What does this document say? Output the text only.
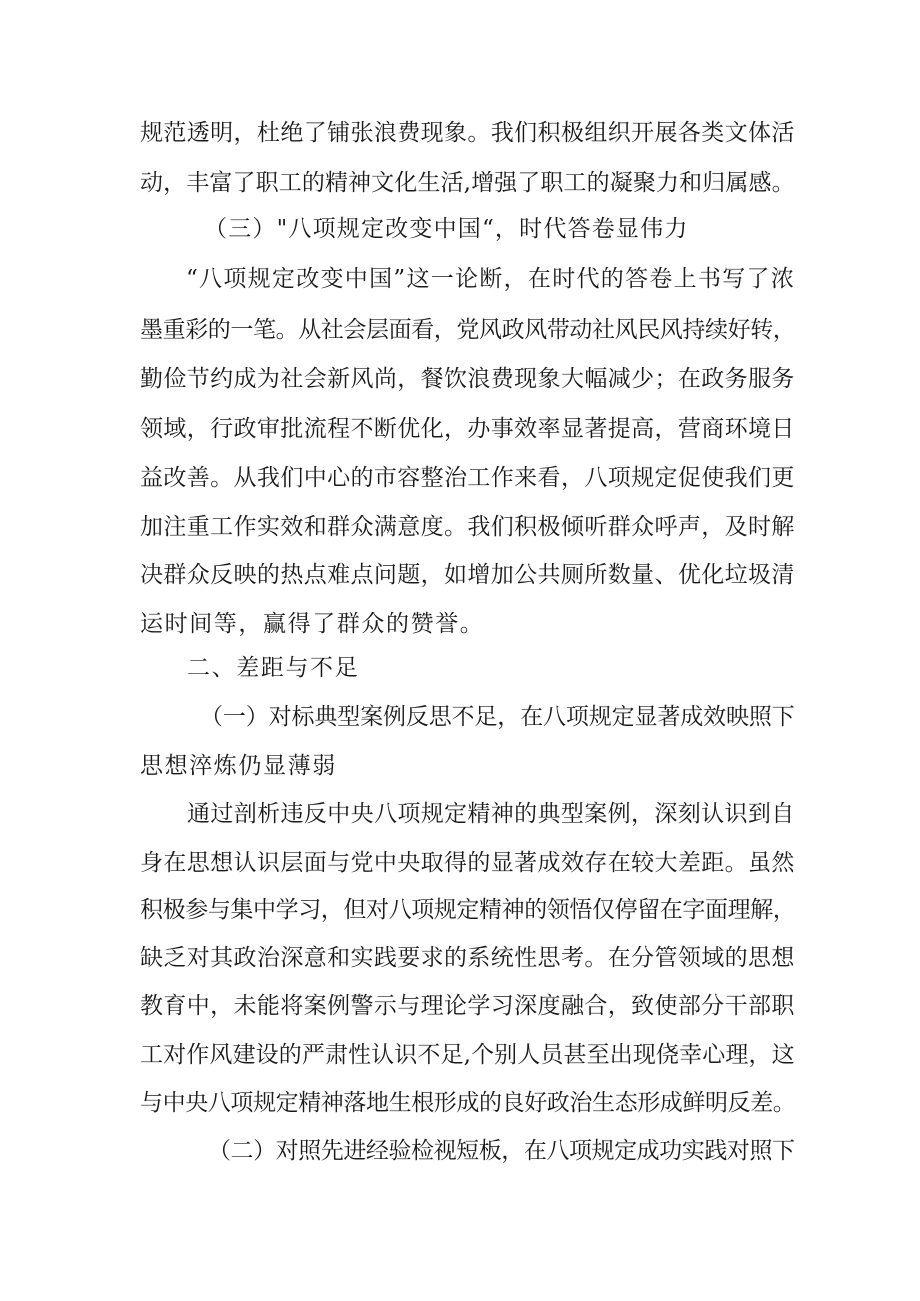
规范透明，杜绝了铺张浪费现象。我们积极组织开展各类文体活
动，丰富了职工的精神文化生活,增强了职工的凝聚力和归属感。
（三）"八项规定改变中国“，时代答卷显伟力
“八项规定改变中国”这一论断，在时代的答卷上书写了浓
墨重彩的一笔。从社会层面看，党风政风带动社风民风持续好转，
勤俭节约成为社会新风尚，餐饮浪费现象大幅减少；在政务服务
领域，行政审批流程不断优化，办事效率显著提高，营商环境日
益改善。从我们中心的市容整治工作来看，八项规定促使我们更
加注重工作实效和群众满意度。我们积极倾听群众呼声，及时解
决群众反映的热点难点问题，如增加公共厕所数量、优化垃圾清
运时间等，赢得了群众的赞誉。
二、差距与不足
（一）对标典型案例反思不足，在八项规定显著成效映照下
思想淬炼仍显薄弱
通过剖析违反中央八项规定精神的典型案例，深刻认识到自
身在思想认识层面与党中央取得的显著成效存在较大差距。虽然
积极参与集中学习，但对八项规定精神的领悟仅停留在字面理解，
缺乏对其政治深意和实践要求的系统性思考。在分管领域的思想
教育中，未能将案例警示与理论学习深度融合，致使部分干部职
工对作风建设的严肃性认识不足,个别人员甚至出现侥幸心理，这
与中央八项规定精神落地生根形成的良好政治生态形成鲜明反差。
（二）对照先进经验检视短板，在八项规定成功实践对照下
